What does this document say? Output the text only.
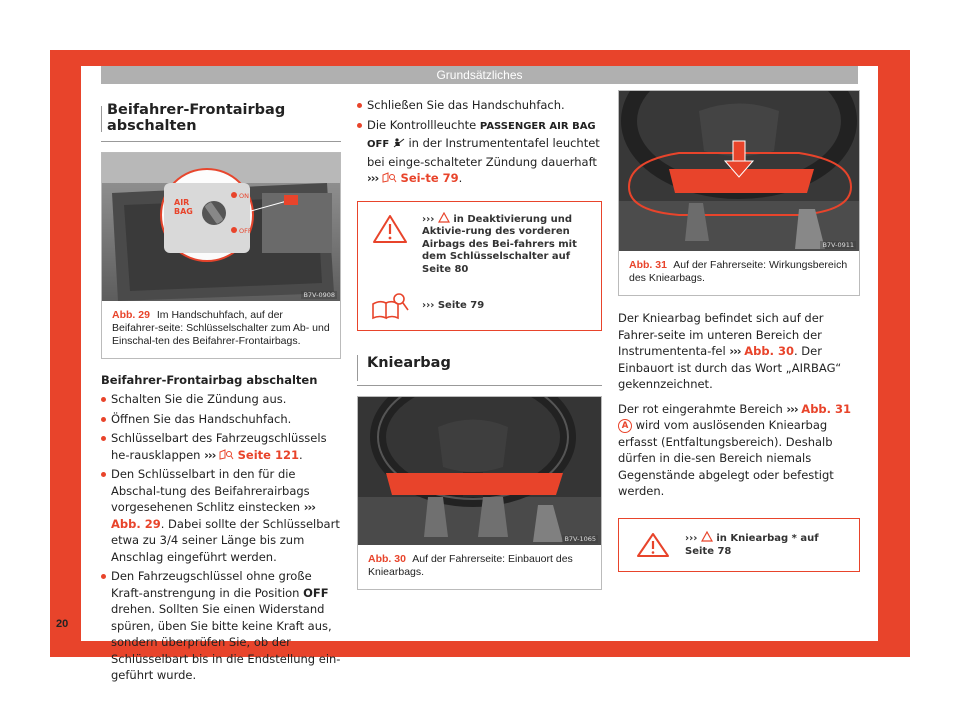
Grundsätzliches
20
Beifahrer-Frontairbag abschalten
AIR
BAG
ON
OFF
B7V-0908
Abb. 29 Im Handschuhfach, auf der Beifahrer-seite: Schlüsselschalter zum Ab- und Einschal-ten des Beifahrer-Frontairbags.
Beifahrer-Frontairbag abschalten
Schalten Sie die Zündung aus.
Öffnen Sie das Handschuhfach.
Schlüsselbart des Fahrzeugschlüssels he-rausklappen ››› Seite 121.
Den Schlüsselbart in den für die Abschal-tung des Beifahrerairbags vorgesehenen Schlitz einstecken ››› Abb. 29. Dabei sollte der Schlüsselbart etwa zu 3/4 seiner Länge bis zum Anschlag eingeführt werden.
Den Fahrzeugschlüssel ohne große Kraft-anstrengung in die Position OFF drehen. Sollten Sie einen Widerstand spüren, üben Sie bitte keine Kraft aus, sondern überprüfen Sie, ob der Schlüsselbart bis in die Endstellung ein-geführt wurde.
Schließen Sie das Handschuhfach.
Die Kontrollleuchte PASSENGER AIR BAG OFF in der Instrumententafel leuchtet bei einge-schalteter Zündung dauerhaft ››› Sei-te 79.
››› in Deaktivierung und Aktivie-rung des vorderen Airbags des Bei-fahrers mit dem Schlüsselschalter auf Seite 80
››› Seite 79
Kniearbag
B7V-1065
Abb. 30 Auf der Fahrerseite: Einbauort des Kniearbags.
B7V-0911
Abb. 31 Auf der Fahrerseite: Wirkungsbereich des Kniearbags.

Der Kniearbag befindet sich auf der Fahrer-seite im unteren Bereich der Instrumententa-fel ››› Abb. 30. Der Einbauort ist durch das Wort „AIRBAG“ gekennzeichnet.

Der rot eingerahmte Bereich ››› Abb. 31 A wird vom auslösenden Kniearbag erfasst (Entfaltungsbereich). Deshalb dürfen in die-sen Bereich niemals Gegenstände abgelegt oder befestigt werden.

››› in Kniearbag * auf Seite 78
